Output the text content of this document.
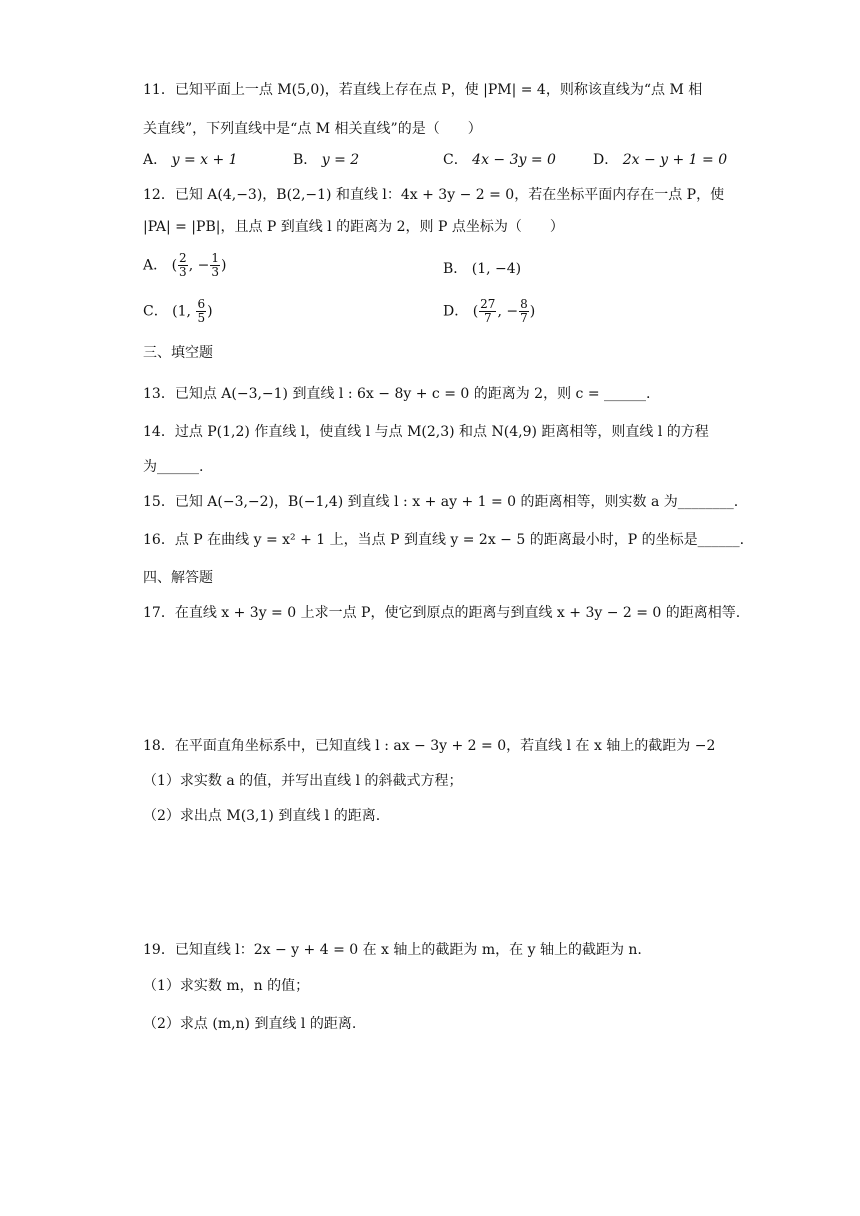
11．已知平面上一点 M(5,0)，若直线上存在点 P，使 |PM| = 4，则称该直线为“点 M 相
关直线”，下列直线中是“点 M 相关直线”的是（　　）
A． y = x + 1	B． y = 2	C． 4x − 3y = 0	D． 2x − y + 1 = 0
12．已知 A(4,−3)，B(2,−1) 和直线 l：4x + 3y − 2 = 0，若在坐标平面内存在一点 P，使
|PA| = |PB|，且点 P 到直线 l 的距离为 2，则 P 点坐标为（　　）
A． ( $\frac{2}{3}$ , − $\frac{1}{3}$ )	B． (1, −4)
C． (1, $\frac{6}{5}$ )	D． ( $\frac{27}{7}$ , − $\frac{8}{7}$ )
三、填空题
13．已知点 A(−3,−1) 到直线 l : 6x − 8y + c = 0 的距离为 2，则 c = ______.
14．过点 P(1,2) 作直线 l，使直线 l 与点 M(2,3) 和点 N(4,9) 距离相等，则直线 l 的方程
为______.
15．已知 A(−3,−2)，B(−1,4) 到直线 l : x + ay + 1 = 0 的距离相等，则实数 a 为________.
16．点 P 在曲线 y = x² + 1 上，当点 P 到直线 y = 2x − 5 的距离最小时，P 的坐标是______.
四、解答题
17．在直线 x + 3y = 0 上求一点 P，使它到原点的距离与到直线 x + 3y − 2 = 0 的距离相等.
18．在平面直角坐标系中，已知直线 l : ax − 3y + 2 = 0，若直线 l 在 x 轴上的截距为 −2
（1）求实数 a 的值，并写出直线 l 的斜截式方程；
（2）求出点 M(3,1) 到直线 l 的距离.
19．已知直线 l：2x − y + 4 = 0 在 x 轴上的截距为 m，在 y 轴上的截距为 n.
（1）求实数 m，n 的值；
（2）求点 (m,n) 到直线 l 的距离.
